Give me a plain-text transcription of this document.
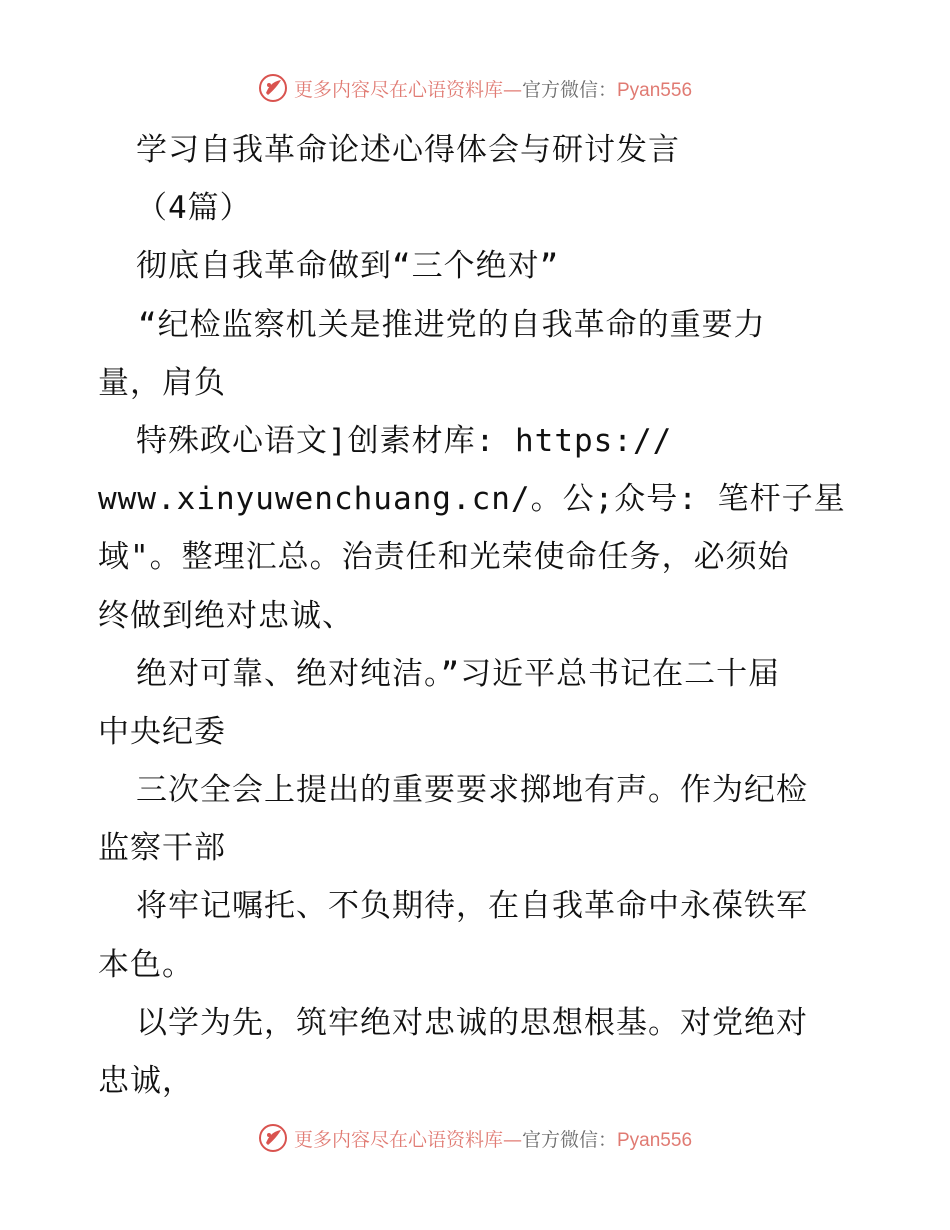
更多内容尽在心语资料库—官方微信：Pyan556
学习自我革命论述心得体会与研讨发言
（4篇）
彻底自我革命做到“三个绝对”
“纪检监察机关是推进党的自我革命的重要力
量，肩负
特殊政心语文]创素材库: https://
www.xinyuwenchuang.cn/。公;众号: 笔杆子星
域"。整理汇总。治责任和光荣使命任务，必须始
终做到绝对忠诚、
绝对可靠、绝对纯洁。”习近平总书记在二十届
中央纪委
三次全会上提出的重要要求掷地有声。作为纪检
监察干部
将牢记嘱托、不负期待，在自我革命中永葆铁军
本色。
以学为先，筑牢绝对忠诚的思想根基。对党绝对
忠诚，
更多内容尽在心语资料库—官方微信：Pyan556
